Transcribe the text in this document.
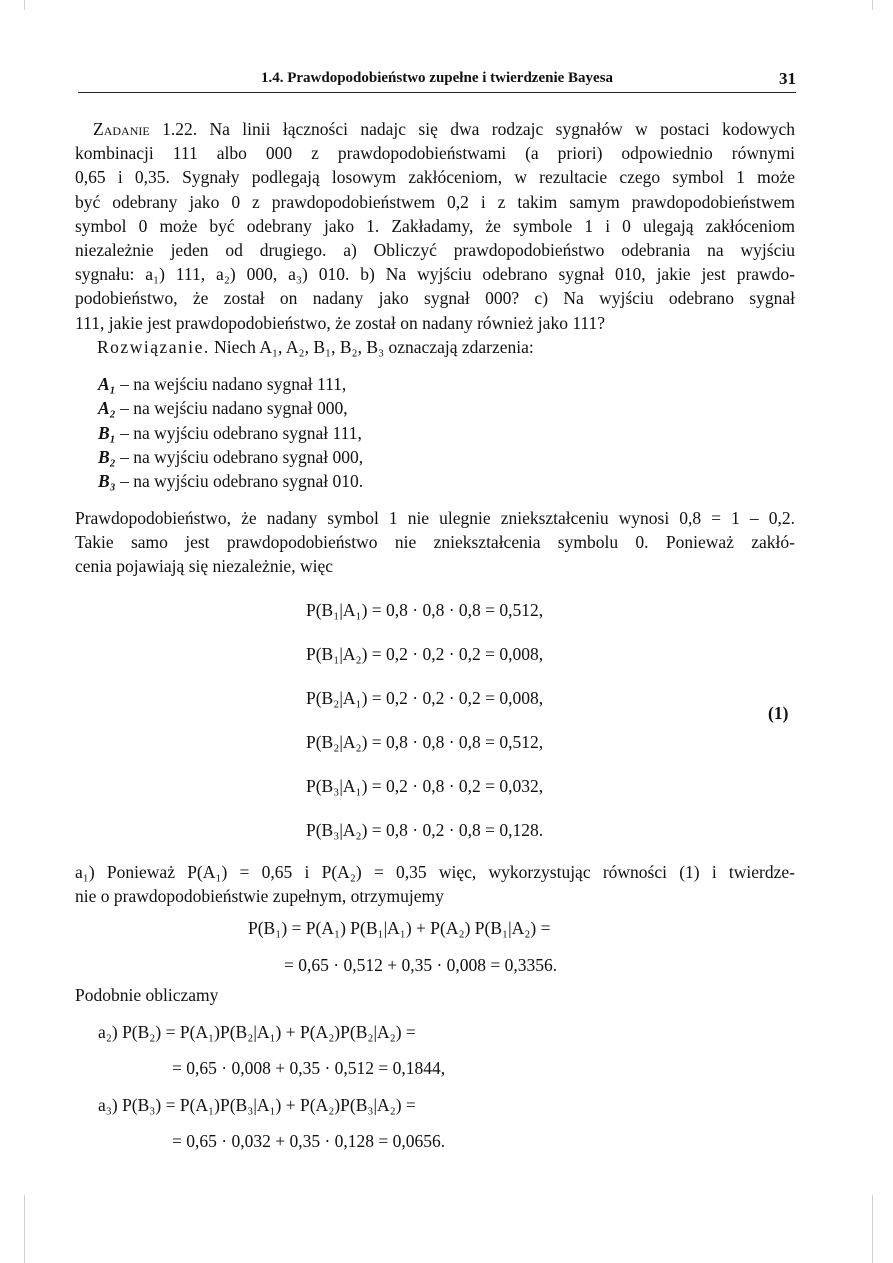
1.4. Prawdopodobieństwo zupełne i twierdzenie Bayesa	31
Zadanie 1.22. Na linii łączności nadajc się dwa rodzajc sygnałów w postaci kodowych
kombinacji 111 albo 000 z prawdopodobieństwami (a priori) odpowiednio równymi
0,65 i 0,35. Sygnały podlegają losowym zakłóceniom, w rezultacie czego symbol 1 może
być odebrany jako 0 z prawdopodobieństwem 0,2 i z takim samym prawdopodobieństwem
symbol 0 może być odebrany jako 1. Zakładamy, że symbole 1 i 0 ulegają zakłóceniom
niezależnie jeden od drugiego. a) Obliczyć prawdopodobieństwo odebrania na wyjściu
sygnału: a₁) 111, a₂) 000, a₃) 010. b) Na wyjściu odebrano sygnał 010, jakie jest prawdo-
podobieństwo, że został on nadany jako sygnał 000? c) Na wyjściu odebrano sygnał
111, jakie jest prawdopodobieństwo, że został on nadany również jako 111?
Rozwiązanie. Niech A₁, A₂, B₁, B₂, B₃ oznaczają zdarzenia:
A₁ – na wejściu nadano sygnał 111,
A₂ – na wejściu nadano sygnał 000,
B₁ – na wyjściu odebrano sygnał 111,
B₂ – na wyjściu odebrano sygnał 000,
B₃ – na wyjściu odebrano sygnał 010.
Prawdopodobieństwo, że nadany symbol 1 nie ulegnie zniekształceniu wynosi 0,8 = 1 – 0,2.
Takie samo jest prawdopodobieństwo nie zniekształcenia symbolu 0. Ponieważ zakłó-
cenia pojawiają się niezależnie, więc
P(B₁|A₁) = 0,8 · 0,8 · 0,8 = 0,512,
P(B₁|A₂) = 0,2 · 0,2 · 0,2 = 0,008,
P(B₂|A₁) = 0,2 · 0,2 · 0,2 = 0,008,
P(B₂|A₂) = 0,8 · 0,8 · 0,8 = 0,512,
P(B₃|A₁) = 0,2 · 0,8 · 0,2 = 0,032,
P(B₃|A₂) = 0,8 · 0,2 · 0,8 = 0,128.
(1)
a₁) Ponieważ P(A₁) = 0,65 i P(A₂) = 0,35 więc, wykorzystując równości (1) i twierdze-
nie o prawdopodobieństwie zupełnym, otrzymujemy
P(B₁) = P(A₁) P(B₁|A₁) + P(A₂) P(B₁|A₂) =
= 0,65 · 0,512 + 0,35 · 0,008 = 0,3356.
Podobnie obliczamy
a₂) P(B₂) = P(A₁)P(B₂|A₁) + P(A₂)P(B₂|A₂) =
= 0,65 · 0,008 + 0,35 · 0,512 = 0,1844,
a₃) P(B₃) = P(A₁)P(B₃|A₁) + P(A₂)P(B₃|A₂) =
= 0,65 · 0,032 + 0,35 · 0,128 = 0,0656.
